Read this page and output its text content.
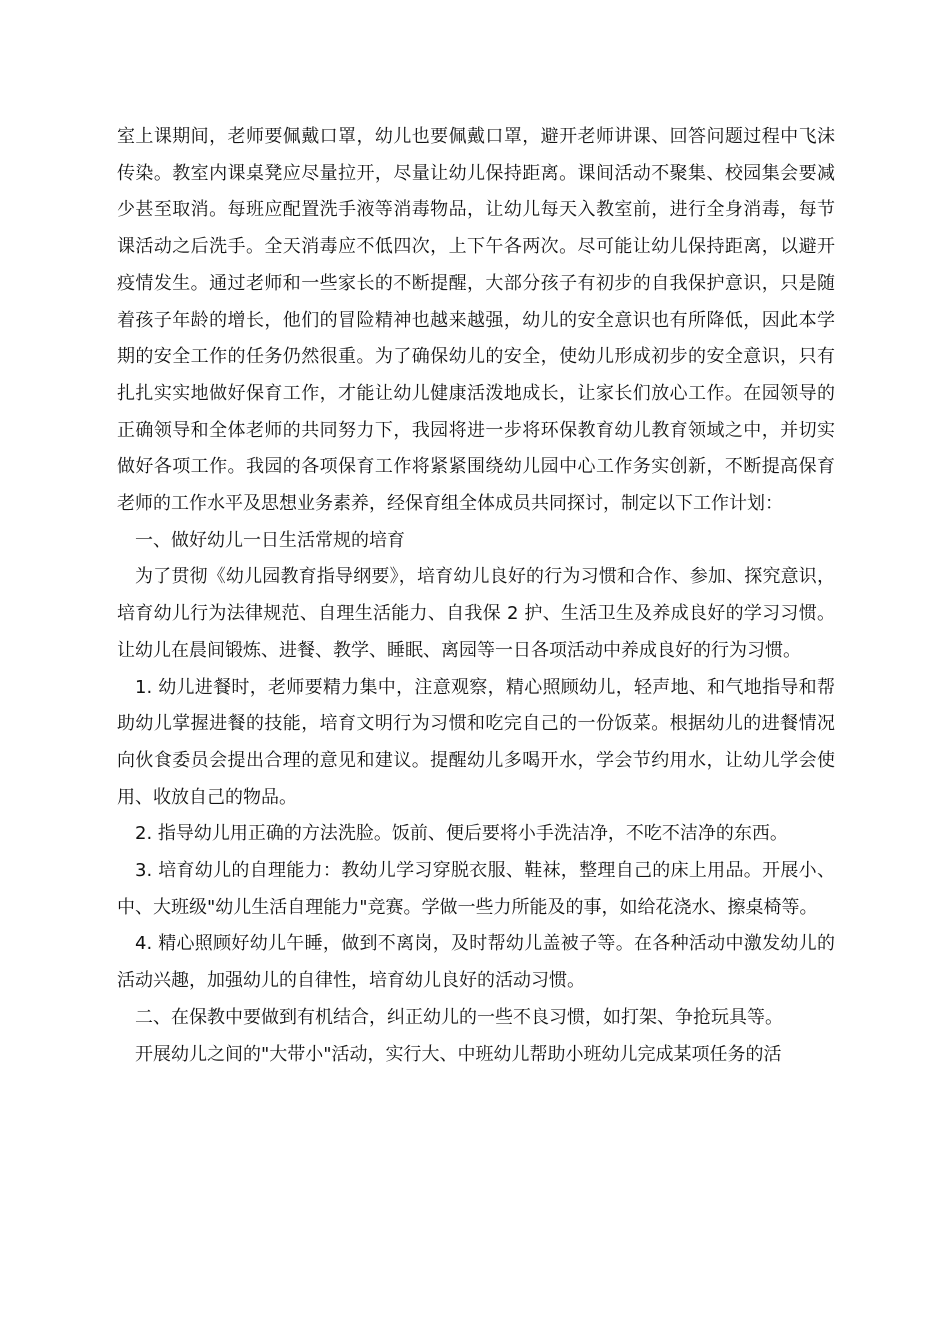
室上课期间，老师要佩戴口罩，幼儿也要佩戴口罩，避开老师讲课、回答问题过程中飞沫传染。教室内课桌凳应尽量拉开，尽量让幼儿保持距离。课间活动不聚集、校园集会要减少甚至取消。每班应配置洗手液等消毒物品，让幼儿每天入教室前，进行全身消毒，每节课活动之后洗手。全天消毒应不低四次，上下午各两次。尽可能让幼儿保持距离，以避开疫情发生。通过老师和一些家长的不断提醒，大部分孩子有初步的自我保护意识，只是随着孩子年龄的增长，他们的冒险精神也越来越强，幼儿的安全意识也有所降低，因此本学期的安全工作的任务仍然很重。为了确保幼儿的安全，使幼儿形成初步的安全意识，只有扎扎实实地做好保育工作，才能让幼儿健康活泼地成长，让家长们放心工作。在园领导的正确领导和全体老师的共同努力下，我园将进一步将环保教育幼儿教育领域之中，并切实做好各项工作。我园的各项保育工作将紧紧围绕幼儿园中心工作务实创新，不断提高保育老师的工作水平及思想业务素养，经保育组全体成员共同探讨，制定以下工作计划：

一、做好幼儿一日生活常规的培育

为了贯彻《幼儿园教育指导纲要》，培育幼儿良好的行为习惯和合作、参加、探究意识，培育幼儿行为法律规范、自理生活能力、自我保 2 护、生活卫生及养成良好的学习习惯。让幼儿在晨间锻炼、进餐、教学、睡眠、离园等一日各项活动中养成良好的行为习惯。

1. 幼儿进餐时，老师要精力集中，注意观察，精心照顾幼儿，轻声地、和气地指导和帮助幼儿掌握进餐的技能，培育文明行为习惯和吃完自己的一份饭菜。根据幼儿的进餐情况向伙食委员会提出合理的意见和建议。提醒幼儿多喝开水，学会节约用水，让幼儿学会使用、收放自己的物品。

2. 指导幼儿用正确的方法洗脸。饭前、便后要将小手洗洁净，不吃不洁净的东西。

3. 培育幼儿的自理能力：教幼儿学习穿脱衣服、鞋袜，整理自己的床上用品。开展小、中、大班级"幼儿生活自理能力"竞赛。学做一些力所能及的事，如给花浇水、擦桌椅等。

4. 精心照顾好幼儿午睡，做到不离岗，及时帮幼儿盖被子等。在各种活动中激发幼儿的活动兴趣，加强幼儿的自律性，培育幼儿良好的活动习惯。

二、在保教中要做到有机结合，纠正幼儿的一些不良习惯，如打架、争抢玩具等。

开展幼儿之间的"大带小"活动，实行大、中班幼儿帮助小班幼儿完成某项任务的活
